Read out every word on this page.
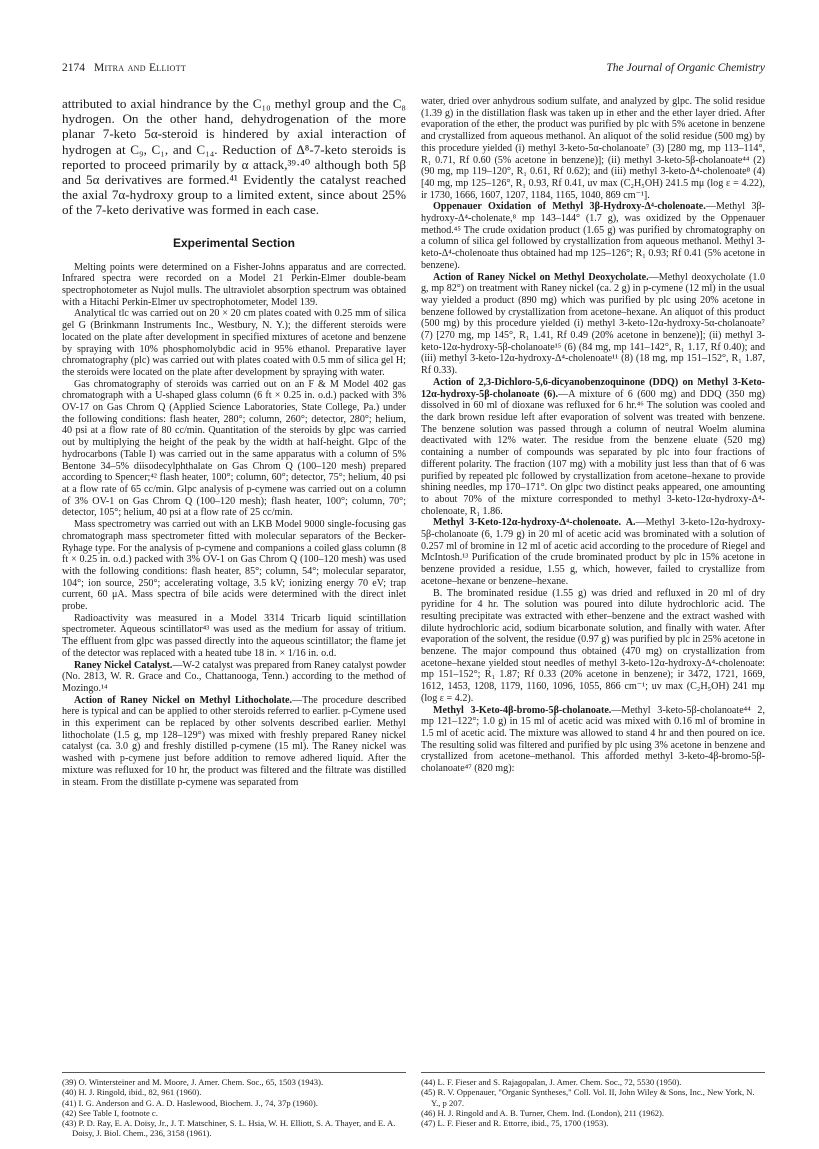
2174 Mitra and Elliott	The Journal of Organic Chemistry

attributed to axial hindrance by the C₁₀ methyl group and the C₈ hydrogen. On the other hand, dehydrogenation of the more planar 7-keto 5α-steroid is hindered by axial interaction of hydrogen at C₉, C₁, and C₁₄. Reduction of Δ⁸-7-keto steroids is reported to proceed primarily by α attack,³⁹·⁴⁰ although both 5β and 5α derivatives are formed.⁴¹ Evidently the catalyst reached the axial 7α-hydroxy group to a limited extent, since about 25% of the 7-keto derivative was formed in each case.

Experimental Section

Melting points were determined on a Fisher-Johns apparatus and are corrected. Infrared spectra were recorded on a Model 21 Perkin-Elmer double-beam spectrophotometer as Nujol mulls. The ultraviolet absorption spectrum was obtained with a Hitachi Perkin-Elmer uv spectrophotometer, Model 139.

Analytical tlc was carried out on 20 × 20 cm plates coated with 0.25 mm of silica gel G (Brinkmann Instruments Inc., Westbury, N. Y.); the different steroids were located on the plate after development in specified mixtures of acetone and benzene by spraying with 10% phosphomolybdic acid in 95% ethanol. Preparative layer chromatography (plc) was carried out with plates coated with 0.5 mm of silica gel H; the steroids were located on the plate after development by spraying with water.

Gas chromatography of steroids was carried out on an F & M Model 402 gas chromatograph with a U-shaped glass column (6 ft × 0.25 in. o.d.) packed with 3% OV-17 on Gas Chrom Q (Applied Science Laboratories, State College, Pa.) under the following conditions: flash heater, 280°; column, 260°; detector, 280°; helium, 40 psi at a flow rate of 80 cc/min. Quantitation of the steroids by glpc was carried out by multiplying the height of the peak by the width at half-height. Glpc of the hydrocarbons (Table I) was carried out in the same apparatus with a column of 5% Bentone 34–5% diisodecylphthalate on Gas Chrom Q (100–120 mesh) prepared according to Spencer;⁴² flash heater, 100°; column, 60°; detector, 75°; helium, 40 psi at a flow rate of 65 cc/min. Glpc analysis of p-cymene was carried out on a column of 3% OV-1 on Gas Chrom Q (100–120 mesh); flash heater, 100°; column, 70°; detector, 105°; helium, 40 psi at a flow rate of 25 cc/min.

Mass spectrometry was carried out with an LKB Model 9000 single-focusing gas chromatograph mass spectrometer fitted with molecular separators of the Becker-Ryhage type. For the analysis of p-cymene and companions a coiled glass column (8 ft × 0.25 in. o.d.) packed with 3% OV-1 on Gas Chrom Q (100–120 mesh) was used with the following conditions: flash heater, 85°; column, 54°; molecular separator, 104°; ion source, 250°; accelerating voltage, 3.5 kV; ionizing energy 70 eV; trap current, 60 μA. Mass spectra of bile acids were determined with the direct inlet probe.

Radioactivity was measured in a Model 3314 Tricarb liquid scintillation spectrometer. Aqueous scintillator⁴³ was used as the medium for assay of tritium. The effluent from glpc was passed directly into the aqueous scintillator; the flame jet of the detector was replaced with a heated tube 18 in. × 1/16 in. o.d.

Raney Nickel Catalyst.—W-2 catalyst was prepared from Raney catalyst powder (No. 2813, W. R. Grace and Co., Chattanooga, Tenn.) according to the method of Mozingo.¹⁴

Action of Raney Nickel on Methyl Lithocholate.—The procedure described here is typical and can be applied to other steroids referred to earlier. p-Cymene used in this experiment can be replaced by other solvents described earlier. Methyl lithocholate (1.5 g, mp 128–129°) was mixed with freshly prepared Raney nickel catalyst (ca. 3.0 g) and freshly distilled p-cymene (15 ml). The Raney nickel was washed with p-cymene just before addition to remove adhered liquid. After the mixture was refluxed for 10 hr, the product was filtered and the filtrate was distilled in steam. From the distillate p-cymene was separated from

water, dried over anhydrous sodium sulfate, and analyzed by glpc. The solid residue (1.39 g) in the distillation flask was taken up in ether and the ether layer dried. After evaporation of the ether, the product was purified by plc with 5% acetone in benzene and crystallized from aqueous methanol. An aliquot of the solid residue (500 mg) by this procedure yielded (i) methyl 3-keto-5α-cholanoate⁷ (3) [280 mg, mp 113–114°, R₁ 0.71, Rf 0.60 (5% acetone in benzene)]; (ii) methyl 3-keto-5β-cholanoate⁴⁴ (2) (90 mg, mp 119–120°, R₁ 0.61, Rf 0.62); and (iii) methyl 3-keto-Δ⁴-cholenoate⁸ (4) [40 mg, mp 125–126°, R₁ 0.93, Rf 0.41, uv max (C₂H₅OH) 241.5 mμ (log ε = 4.22), ir 1730, 1666, 1607, 1207, 1184, 1165, 1040, 869 cm⁻¹].

Oppenauer Oxidation of Methyl 3β-Hydroxy-Δ⁴-cholenoate.—Methyl 3β-hydroxy-Δ⁴-cholenate,⁸ mp 143–144° (1.7 g), was oxidized by the Oppenauer method.⁴⁵ The crude oxidation product (1.65 g) was purified by chromatography on a column of silica gel followed by crystallization from aqueous methanol. Methyl 3-keto-Δ⁴-cholenoate thus obtained had mp 125–126°; R₁ 0.93; Rf 0.41 (5% acetone in benzene).

Action of Raney Nickel on Methyl Deoxycholate.—Methyl deoxycholate (1.0 g, mp 82°) on treatment with Raney nickel (ca. 2 g) in p-cymene (12 ml) in the usual way yielded a product (890 mg) which was purified by plc using 20% acetone in benzene followed by crystallization from acetone–hexane. An aliquot of this product (500 mg) by this procedure yielded (i) methyl 3-keto-12α-hydroxy-5α-cholanoate⁷ (7) [270 mg, mp 145°, R₁ 1.41, Rf 0.49 (20% acetone in benzene)]; (ii) methyl 3-keto-12α-hydroxy-5β-cholanoate¹⁵ (6) (84 mg, mp 141–142°, R₁ 1.17, Rf 0.40); and (iii) methyl 3-keto-12α-hydroxy-Δ⁴-cholenoate¹¹ (8) (18 mg, mp 151–152°, R₁ 1.87, Rf 0.33).

Action of 2,3-Dichloro-5,6-dicyanobenzoquinone (DDQ) on Methyl 3-Keto-12α-hydroxy-5β-cholanoate (6).—A mixture of 6 (600 mg) and DDQ (350 mg) dissolved in 60 ml of dioxane was refluxed for 6 hr.⁴⁶ The solution was cooled and the dark brown residue left after evaporation of solvent was treated with benzene. The benzene solution was passed through a column of neutral Woelm alumina deactivated with 12% water. The residue from the benzene eluate (520 mg) containing a number of compounds was separated by plc into four fractions of different polarity. The fraction (107 mg) with a mobility just less than that of 6 was purified by repeated plc followed by crystallization from acetone–hexane to provide shining needles, mp 170–171°. On glpc two distinct peaks appeared, one amounting to about 70% of the mixture corresponded to methyl 3-keto-12α-hydroxy-Δ⁴-cholenoate, R₁ 1.86.

Methyl 3-Keto-12α-hydroxy-Δ⁴-cholenoate. A.—Methyl 3-keto-12α-hydroxy-5β-cholanoate (6, 1.79 g) in 20 ml of acetic acid was brominated with a solution of 0.257 ml of bromine in 12 ml of acetic acid according to the procedure of Riegel and McIntosh.¹³ Purification of the crude brominated product by plc in 15% acetone in benzene provided a residue, 1.55 g, which, however, failed to crystallize from acetone–hexane or benzene–hexane.

B. The brominated residue (1.55 g) was dried and refluxed in 20 ml of dry pyridine for 4 hr. The solution was poured into dilute hydrochloric acid. The resulting precipitate was extracted with ether–benzene and the extract washed with dilute hydrochloric acid, sodium bicarbonate solution, and finally with water. After evaporation of the solvent, the residue (0.97 g) was purified by plc in 25% acetone in benzene. The major compound thus obtained (470 mg) on crystallization from acetone–hexane yielded stout needles of methyl 3-keto-12α-hydroxy-Δ⁴-cholenoate: mp 151–152°; R₁ 1.87; Rf 0.33 (20% acetone in benzene); ir 3472, 1721, 1669, 1612, 1453, 1208, 1179, 1160, 1096, 1055, 866 cm⁻¹; uv max (C₂H₅OH) 241 mμ (log ε = 4.2).

Methyl 3-Keto-4β-bromo-5β-cholanoate.—Methyl 3-keto-5β-cholanoate⁴⁴ 2, mp 121–122°; 1.0 g) in 15 ml of acetic acid was mixed with 0.16 ml of bromine in 1.5 ml of acetic acid. The mixture was allowed to stand 4 hr and then poured on ice. The resulting solid was filtered and purified by plc using 3% acetone in benzene and crystallized from acetone–methanol. This afforded methyl 3-keto-4β-bromo-5β-cholanoate⁴⁷ (820 mg):

(39) O. Wintersteiner and M. Moore, J. Amer. Chem. Soc., 65, 1503 (1943).
(40) H. J. Ringold, ibid., 82, 961 (1960).
(41) I. G. Anderson and G. A. D. Haslewood, Biochem. J., 74, 37p (1960).
(42) See Table I, footnote c.
(43) P. D. Ray, E. A. Doisy, Jr., J. T. Matschiner, S. L. Hsia, W. H. Elliott, S. A. Thayer, and E. A. Doisy, J. Biol. Chem., 236, 3158 (1961).
(44) L. F. Fieser and S. Rajagopalan, J. Amer. Chem. Soc., 72, 5530 (1950).
(45) R. V. Oppenauer, "Organic Syntheses," Coll. Vol. II, John Wiley & Sons, Inc., New York, N. Y., p 207.
(46) H. J. Ringold and A. B. Turner, Chem. Ind. (London), 211 (1962).
(47) L. F. Fieser and R. Ettorre, ibid., 75, 1700 (1953).
